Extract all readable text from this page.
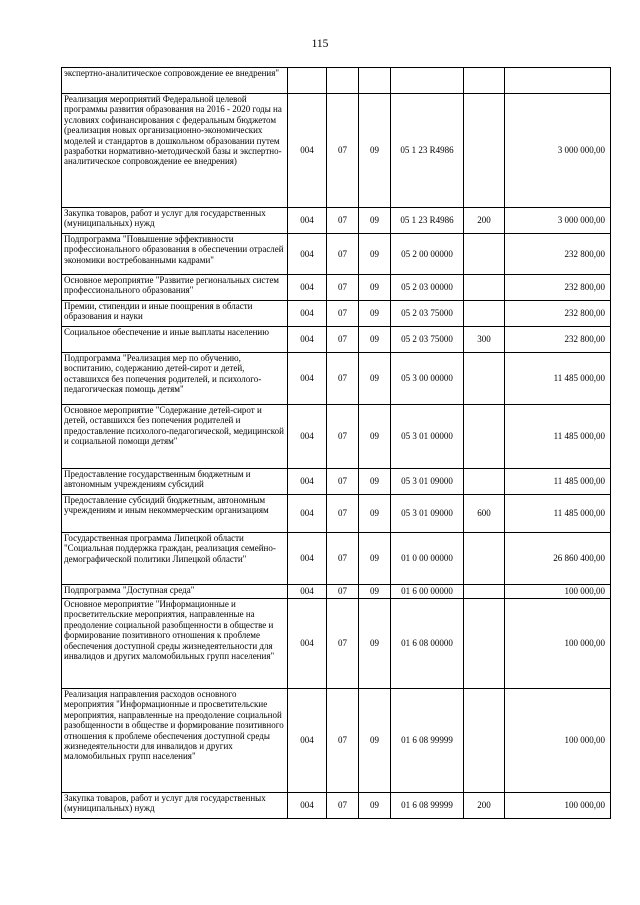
115
экспертно-аналитическое сопровождение ее внедрения"						
Реализация мероприятий Федеральной целевой программы развития образования на 2016 - 2020 годы на условиях софинансирования с федеральным бюджетом (реализация новых организационно-экономических моделей и стандартов в дошкольном образовании путем разработки нормативно-методической базы и экспертно-аналитическое сопровождение ее внедрения)	004	07	09	05 1 23 R4986		3 000 000,00
Закупка товаров, работ и услуг для государственных (муниципальных) нужд	004	07	09	05 1 23 R4986	200	3 000 000,00
Подпрограмма "Повышение эффективности профессионального образования в обеспечении отраслей экономики востребованными кадрами"	004	07	09	05 2 00 00000		232 800,00
Основное мероприятие "Развитие региональных систем профессионального образования"	004	07	09	05 2 03 00000		232 800,00
Премии, стипендии и иные поощрения в области образования и науки	004	07	09	05 2 03 75000		232 800,00
Социальное обеспечение и иные выплаты населению	004	07	09	05 2 03 75000	300	232 800,00
Подпрограмма "Реализация мер по обучению, воспитанию, содержанию детей-сирот и детей, оставшихся без попечения родителей, и психолого-педагогическая помощь детям"	004	07	09	05 3 00 00000		11 485 000,00
Основное мероприятие "Содержание детей-сирот и детей, оставшихся без попечения родителей и предоставление психолого-педагогической, медицинской и социальной помощи детям"	004	07	09	05 3 01 00000		11 485 000,00
Предоставление государственным бюджетным и автономным учреждениям субсидий	004	07	09	05 3 01 09000		11 485 000,00
Предоставление субсидий бюджетным, автономным учреждениям и иным некоммерческим организациям	004	07	09	05 3 01 09000	600	11 485 000,00
Государственная программа Липецкой области "Социальная поддержка граждан, реализация семейно-демографической политики Липецкой области"	004	07	09	01 0 00 00000		26 860 400,00
Подпрограмма "Доступная среда"	004	07	09	01 6 00 00000		100 000,00
Основное мероприятие "Информационные и просветительские мероприятия, направленные на преодоление социальной разобщенности в обществе и формирование позитивного отношения к проблеме обеспечения доступной среды жизнедеятельности для инвалидов и других маломобильных групп населения"	004	07	09	01 6 08 00000		100 000,00
Реализация направления расходов основного мероприятия "Информационные и просветительские мероприятия, направленные на преодоление социальной разобщенности в обществе и формирование позитивного отношения к проблеме обеспечения доступной среды жизнедеятельности для инвалидов и других маломобильных групп населения"	004	07	09	01 6 08 99999		100 000,00
Закупка товаров, работ и услуг для государственных (муниципальных) нужд	004	07	09	01 6 08 99999	200	100 000,00
